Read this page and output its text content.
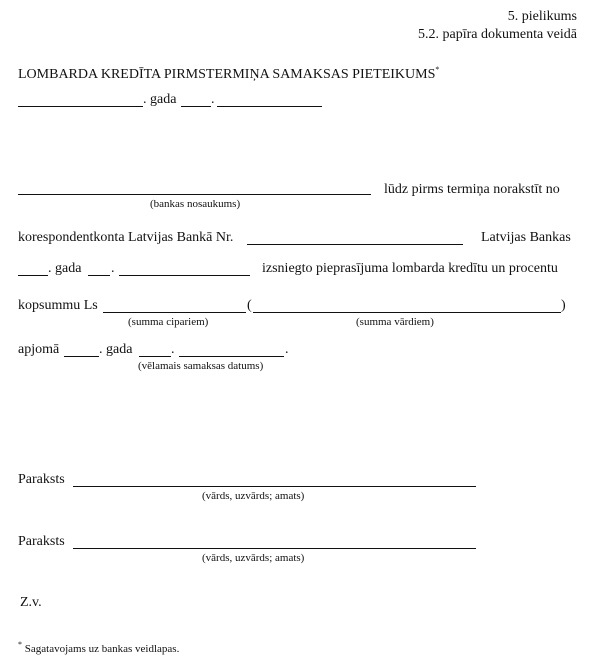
5. pielikums
5.2. papīra dokumenta veidā
LOMBARDA KREDĪTA PIRMSTERMIŅA SAMAKSAS PIETEIKUMS*
. gada .
lūdz pirms termiņa norakstīt no
(bankas nosaukums)
korespondentkonta Latvijas Bankā Nr.	Latvijas Bankas
. gada .	izsniegto pieprasījuma lombarda kredītu un procentu
kopsummu Ls	(	)
(summa cipariem)	(summa vārdiem)
apjomā	. gada	.	.
(vēlamais samaksas datums)
Paraksts
(vārds, uzvārds; amats)
Paraksts
(vārds, uzvārds; amats)
Z.v.
* Sagatavojams uz bankas veidlapas.
